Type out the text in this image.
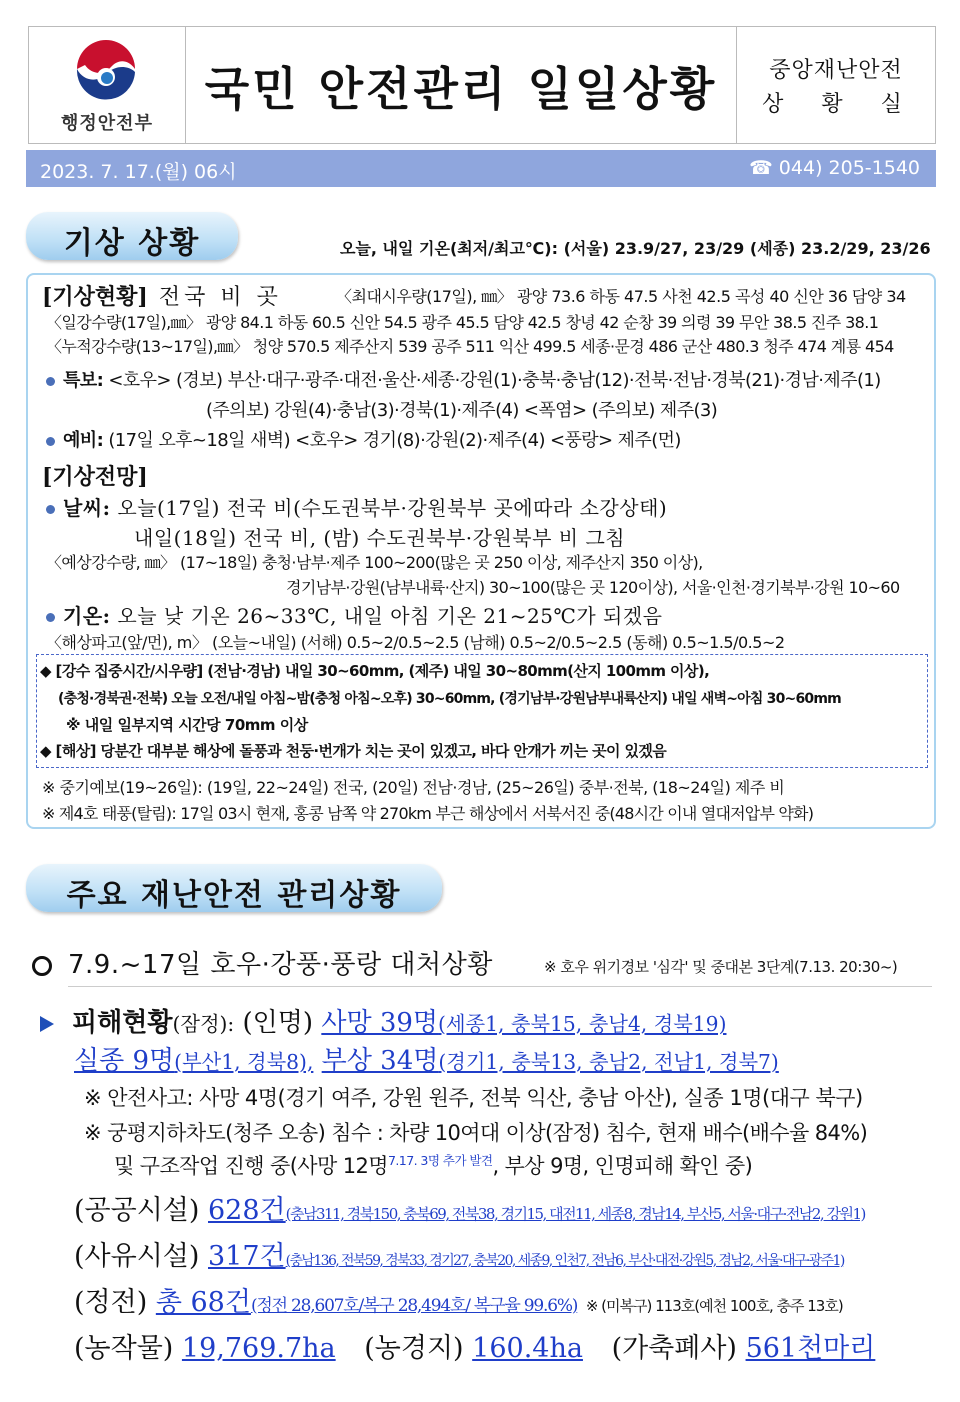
행정안전부
국민 안전관리 일일상황	중앙재난안전
상  황  실
2023. 7. 17.(월) 06시	☎ 044) 205-1540
기상 상황	오늘, 내일 기온(최저/최고℃): (서울) 23.9/27, 23/29 (세종) 23.2/29, 23/26
[기상현황] 전국 비 곳	〈최대시우량(17일), ㎜〉 광양 73.6 하동 47.5 사천 42.5 곡성 40 신안 36 담양 34
〈일강수량(17일),㎜〉 광양 84.1 하동 60.5 신안 54.5 광주 45.5 담양 42.5 창녕 42 순창 39 의령 39 무안 38.5 진주 38.1
〈누적강수량(13~17일),㎜〉 청양 570.5 제주산지 539 공주 511 익산 499.5 세종·문경 486 군산 480.3 청주 474 계룡 454
특보: <호우> (경보) 부산·대구·광주·대전·울산·세종·강원(1)·충북·충남(12)·전북·전남·경북(21)·경남·제주(1)
(주의보) 강원(4)·충남(3)·경북(1)·제주(4) <폭염> (주의보) 제주(3)
예비: (17일 오후~18일 새벽) <호우> 경기(8)·강원(2)·제주(4) <풍랑> 제주(먼)
[기상전망]
날씨: 오늘(17일) 전국 비(수도권북부·강원북부 곳에따라 소강상태)
내일(18일) 전국 비, (밤) 수도권북부·강원북부 비 그침
〈예상강수량, ㎜〉 (17~18일) 충청·남부·제주 100~200(많은 곳 250 이상, 제주산지 350 이상),
경기남부·강원(남부내륙·산지) 30~100(많은 곳 120이상), 서울·인천·경기북부·강원 10~60
기온: 오늘 낮 기온 26~33℃, 내일 아침 기온 21~25℃가 되겠음
〈해상파고(앞/먼), m〉 (오늘~내일) (서해) 0.5~2/0.5~2.5 (남해) 0.5~2/0.5~2.5 (동해) 0.5~1.5/0.5~2
◆ [강수 집중시간/시우량] (전남·경남) 내일 30~60mm, (제주) 내일 30~80mm(산지 100mm 이상),
(충청·경북권·전북) 오늘 오전/내일 아침~밤(충청 아침~오후) 30~60mm, (경기남부·강원남부내륙산지) 내일 새벽~아침 30~60mm
※ 내일 일부지역 시간당 70mm 이상
◆ [해상] 당분간 대부분 해상에 돌풍과 천둥·번개가 치는 곳이 있겠고, 바다 안개가 끼는 곳이 있겠음
※ 중기예보(19~26일): (19일, 22~24일) 전국, (20일) 전남·경남, (25~26일) 중부·전북, (18~24일) 제주 비
※ 제4호 태풍(탈림): 17일 03시 현재, 홍콩 남쪽 약 270km 부근 해상에서 서북서진 중(48시간 이내 열대저압부 약화)
주요 재난안전 관리상황
7.9.~17일 호우·강풍·풍랑 대처상황	※ 호우 위기경보 '심각' 및 중대본 3단계(7.13. 20:30~)
피해현황(잠정): (인명) 사망 39명(세종1, 충북15, 충남4, 경북19)
실종 9명(부산1, 경북8), 부상 34명(경기1, 충북13, 충남2, 전남1, 경북7)
※ 안전사고: 사망 4명(경기 여주, 강원 원주, 전북 익산, 충남 아산), 실종 1명(대구 북구)
※ 궁평지하차도(청주 오송) 침수 : 차량 10여대 이상(잠정) 침수, 현재 배수(배수율 84%)
및 구조작업 진행 중(사망 12명$^{7.17. 3명 추가 발견}$, 부상 9명, 인명피해 확인 중)
(공공시설) 628건(충남311, 경북150, 충북69, 전북38, 경기15, 대전11, 세종8, 경남14, 부산5, 서울·대구·전남2, 강원1)
(사유시설) 317건(충남136, 전북59, 경북33, 경기27, 충북20, 세종9, 인천7, 전남6, 부산·대전·강원5, 경남2, 서울·대구·광주1)
(정전) 총 68건(정전 28,607호/복구 28,494호/ 복구율 99.6%) ※ (미복구) 113호(예천 100호, 충주 13호)
(농작물) 19,769.7ha (농경지) 160.4ha (가축폐사) 561천마리
